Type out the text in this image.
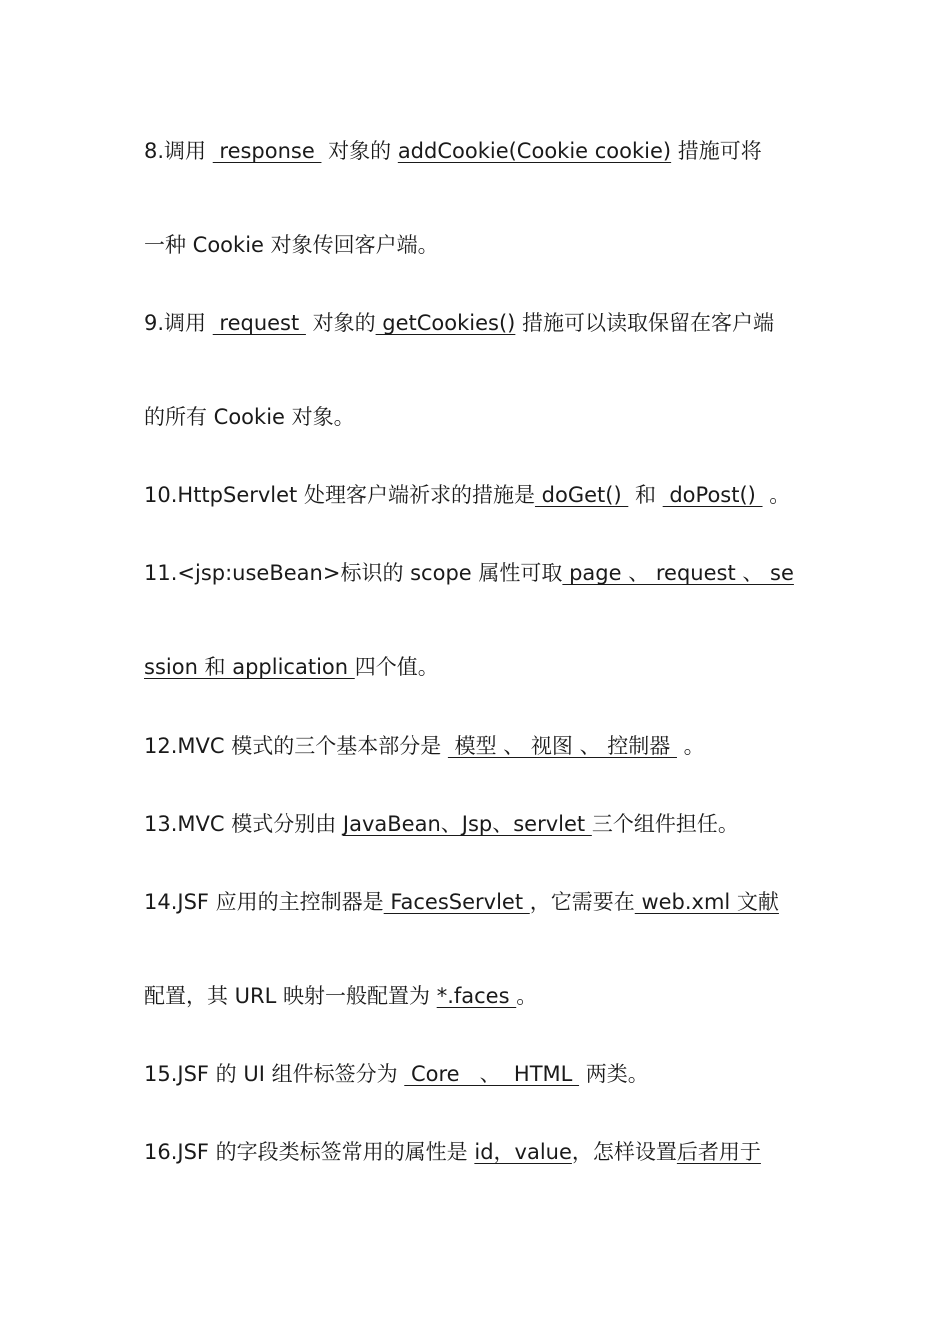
8.调用  response  对象的 addCookie(Cookie cookie) 措施可将
一种 Cookie 对象传回客户端。
9.调用  request  对象的 getCookies() 措施可以读取保留在客户端
的所有 Cookie 对象。
10.HttpServlet 处理客户端祈求的措施是 doGet()  和  doPost()  。
11.<jsp:useBean>标识的 scope 属性可取 page 、 request 、 se
ssion 和 application 四个值。
12.MVC 模式的三个基本部分是  模型 、 视图 、 控制器  。
13.MVC 模式分别由 JavaBean、Jsp、servlet 三个组件担任。
14.JSF 应用的主控制器是 FacesServlet ，它需要在 web.xml 文献
配置，其 URL 映射一般配置为 *.faces 。
15.JSF 的 UI 组件标签分为  Core   、  HTML  两类。
16.JSF 的字段类标签常用的属性是 id，value，怎样设置后者用于
